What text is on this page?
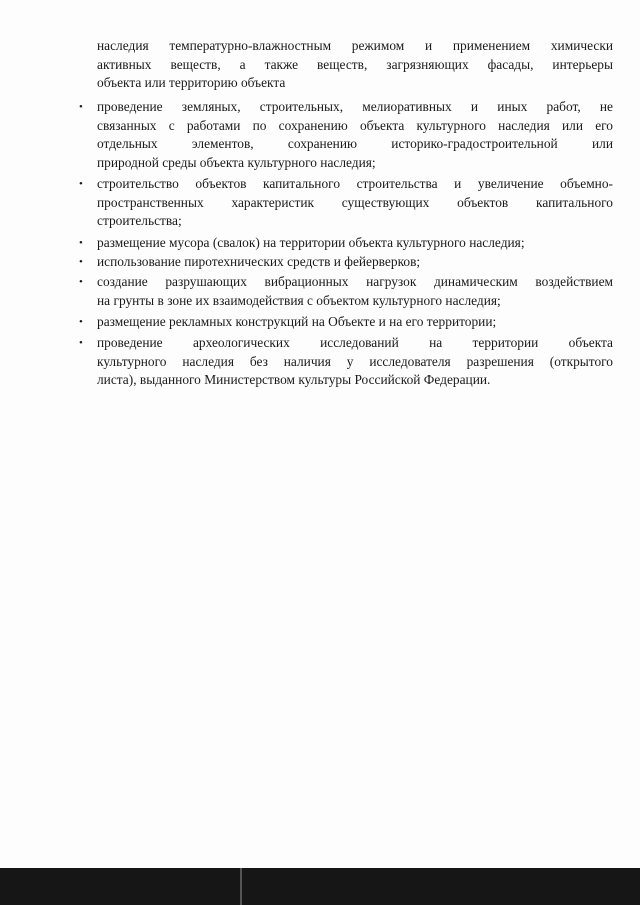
наследия температурно-влажностным режимом и применением химически
активных веществ, а также веществ, загрязняющих фасады, интерьеры
объекта или территорию объекта
• проведение земляных, строительных, мелиоративных и иных работ, не
связанных с работами по сохранению объекта культурного наследия или его
отдельных элементов, сохранению историко-градостроительной или
природной среды объекта культурного наследия;
• строительство объектов капитального строительства и увеличение объемно-
пространственных характеристик существующих объектов капитального
строительства;
• размещение мусора (свалок) на территории объекта культурного наследия;
• использование пиротехнических средств и фейерверков;
• создание разрушающих вибрационных нагрузок динамическим воздействием
на грунты в зоне их взаимодействия с объектом культурного наследия;
• размещение рекламных конструкций на Объекте и на его территории;
• проведение археологических исследований на территории объекта
культурного наследия без наличия у исследователя разрешения (открытого
листа), выданного Министерством культуры Российской Федерации.
